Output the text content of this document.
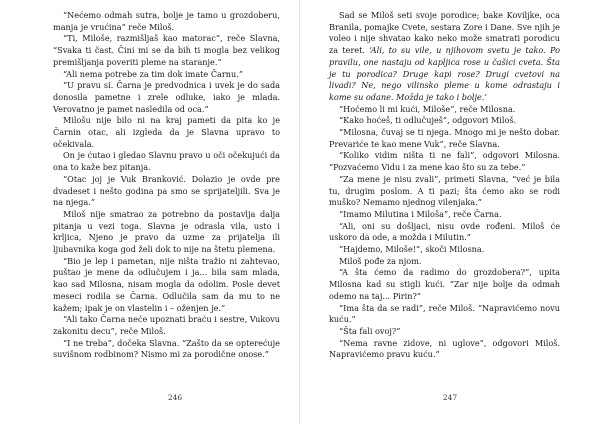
“Nećemo odmah sutra, bolje je tamo u grozdoberu, manja je vrućina” reče Miloš.

“Ti, Miloše, razmišljaš kao matorac”, reče Slavna, “Svaka ti čast. Čini mi se da bih ti mogla bez velikog premišljanja poveriti pleme na staranje.”

“Ali nema potrebe za tim dok imate Čarnu.”

“U pravu si. Čarna je predvodnica i uvek je do sada donosila pametne i zrele odluke, iako je mlada. Verovatno je pamet nasledila od oca.”

Milošu nije bilo ni na kraj pameti da pita ko je Čarnin otac, ali izgleda da je Slavna upravo to očekivala.

On je ćutao i gledao Slavnu pravo u oči očekujući da ona to kaže bez pitanja.

“Otac joj je Vuk Branković. Dolazio je ovde pre dvadeset i nešto godina pa smo se sprijateljili. Sva je na njega.”

Miloš nije smatrao za potrebno da postavlja dalja pitanja u vezi toga. Slavna je odrasla vila, usto i krljica, Njeno je pravo da uzme za prijatelja ili ljubavnika koga god želi dok to nije na štetu plemena.

“Bio je lep i pametan, nije ništa tražio ni zahtevao, puštao je mene da odlučujem i ja... bila sam mlada, kao sad Milosna, nisam mogla da odolim. Posle devet meseci rodila se Čarna. Odlučila sam da mu to ne kažem; ipak je on vlastelin i – oženjen je.”

“Ali tako Čarna neće upoznati braću i sestre, Vukovu zakonitu decu”, reče Miloš.

“I ne treba”, dočeka Slavna. “Zašto da se opterećuje suvišnom rodbinom? Nismo mi za porodične onose.”

246

Sad se Miloš seti svoje porodice; bake Koviljke, oca Branila, pomajke Cvete, sestara Zore i Dane. Sve njih je voleo i nije shvatao kako neko može smatrati porodicu za teret. ‘Ali, to su vile, u njihovom svetu je tako. Po pravilu, one nastaju od kapljica rose u čašici cveta. Šta je tu porodica? Druge kapi rose? Drugi cvetovi na livadi? Ne, nego vilinsko pleme u kome odrastaju i kome su odane. Možda je tako i bolje.’

“Hoćemo li mi kući, Miloše”, reče Milosna.

“Kako hoćeš, ti odlučuješ”, odgovori Miloš.

“Milosna, čuvaj se ti njega. Mnogo mi je nešto dobar. Prevariće te kao mene Vuk”, reče Slavna.

“Koliko vidim ništa ti ne fali”, odgovori Milosna. “Pozvaćemo Vidu i za mene kao što su za tebe.”

“Za mene je nisu zvali”, primeti Slavna, “već je bila tu, drugim poslom. A ti pazi; šta ćemo ako se rodi muško? Nemamo njednog vilenjaka.”

“Imamo Milutina i Miloša”, reče Čarna.

“Ali, oni su došljaci, nisu ovde rođeni. Miloš će uskoro da ode, a možda i Milutin.”

“Hajdemo, Miloše!”, skoči Milosna.

Miloš pođe za njom.

“A šta ćemo da radimo do grozdobera?”, upita Milosna kad su stigli kući. “Zar nije bolje da odmah odemo na taj... Pirin?”

“Ima šta da se radi”, reče Miloš. “Napravićemo novu kuću.”

“Šta fali ovoj?”

“Nema ravne zidove, ni uglove”, odgovori Miloš. Napravićemo pravu kuću.”

247
